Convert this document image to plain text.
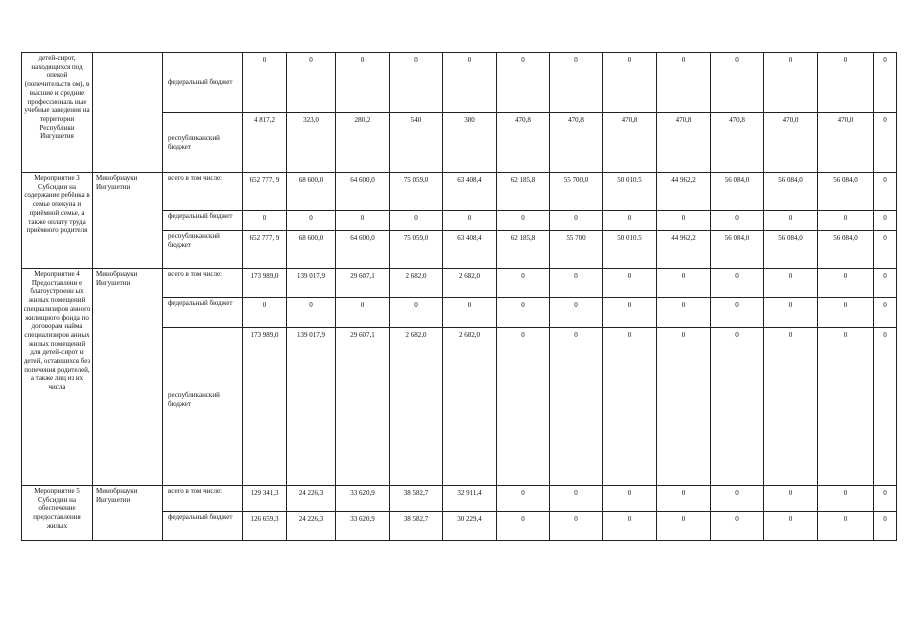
детей-сирот, находящихся под опекой (попечительств ом), в высшие и средние профессиональ ные учебные заведения на территории Республики Ингушетия		федеральный бюджет	0	0	0	0	0	0	0	0	0	0	0	0	0
		республиканский бюджет	4 817,2	323,0	280,2	540	380	470,8	470,8	470,8	470,8	470,8	470,0	470,0	0
Мероприятие 3 Субсидии на содержание ребёнка в семье опекуна и приёмной семье, а также оплату труда приёмного родителя	Минобрнауки Ингушетии	всего в том числе:	652 777, 9	68 600,0	64 600,0	75 059,0	63 408,4	62 185,8	55 700,0	50 010.5	44 962,2	56 084,0	56 084,0	56 084,0	0
		федеральный бюджет	0	0	0	0	0	0	0	0	0	0	0	0	0
		республиканский бюджет	652 777, 9	68 600,0	64 600,0	75 059,0	63 408,4	62 185,8	55 700	50 010.5	44 962,2	56 084,0	56 084,0	56 084,0	0
Мероприятие 4 Предоставлени е благоустроенн ых жилых помещений специализиров анного жилищного фонда по договорам найма специализиров анных жилых помещений для детей-сирот и детей, оставшихся без попечения родителей, а также лиц из их числа	Минобрнауки Ингушетии	всего в том числе:	173 989,0	139 017,9	29 607,1	2 682,0	2 682,0	0	0	0	0	0	0	0	0
		федеральный бюджет	0	0	0	0	0	0	0	0	0	0	0	0	0
		республиканский бюджет	173 989,0	139 017,9	29 607,1	2 682,0	2 682,0	0	0	0	0	0	0	0	0
Мероприятие 5 Субсидии на обеспечение предоставления жилых	Минобрнауки Ингушетии	всего в том числе:	129 341,3	24 226,3	33 620,9	38 582,7	32 911,4	0	0	0	0	0	0	0	0
		федеральный бюджет	126 659,3	24 226,3	33 620,9	38 582,7	30 229,4	0	0	0	0	0	0	0	0
